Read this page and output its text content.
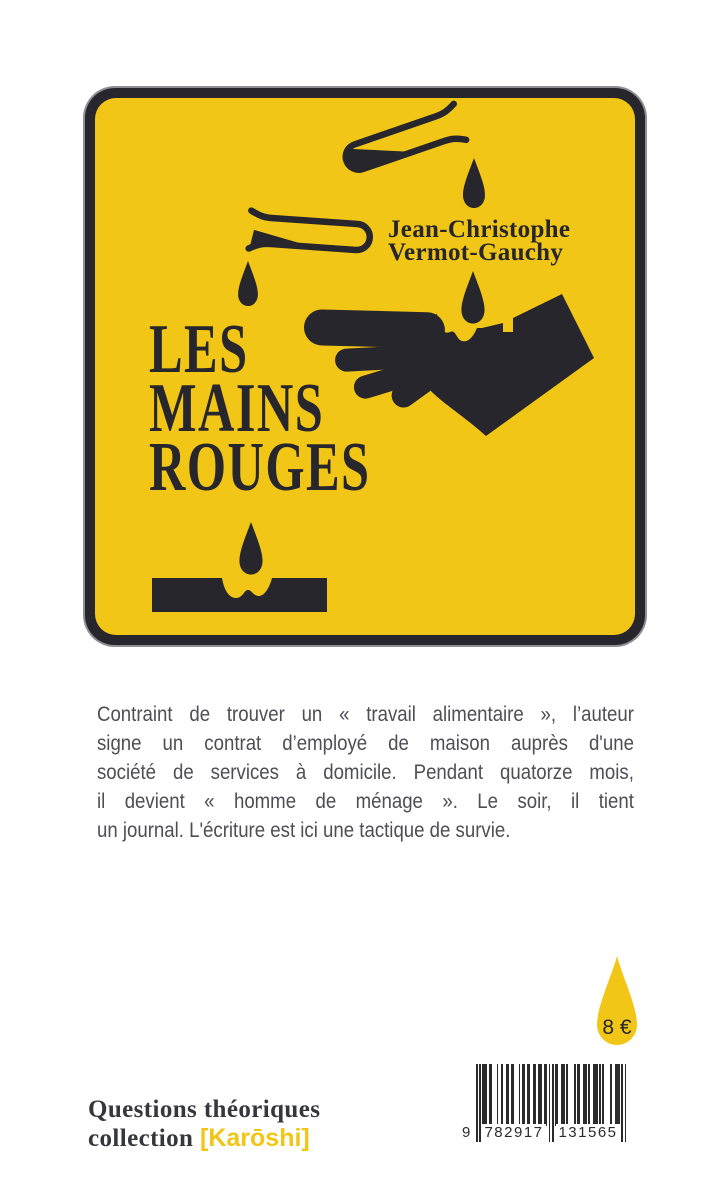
Jean-Christophe
Vermot-Gauchy
LES
MAINS
ROUGES
Contraint de trouver un « travail alimentaire », l’auteur
signe un contrat d’employé de maison auprès d'une
société de services à domicile. Pendant quatorze mois,
il devient « homme de ménage ». Le soir, il tient
un journal. L'écriture est ici une tactique de survie.
8 €
9 782917 131565
Questions théoriques
collection [Karōshi]
